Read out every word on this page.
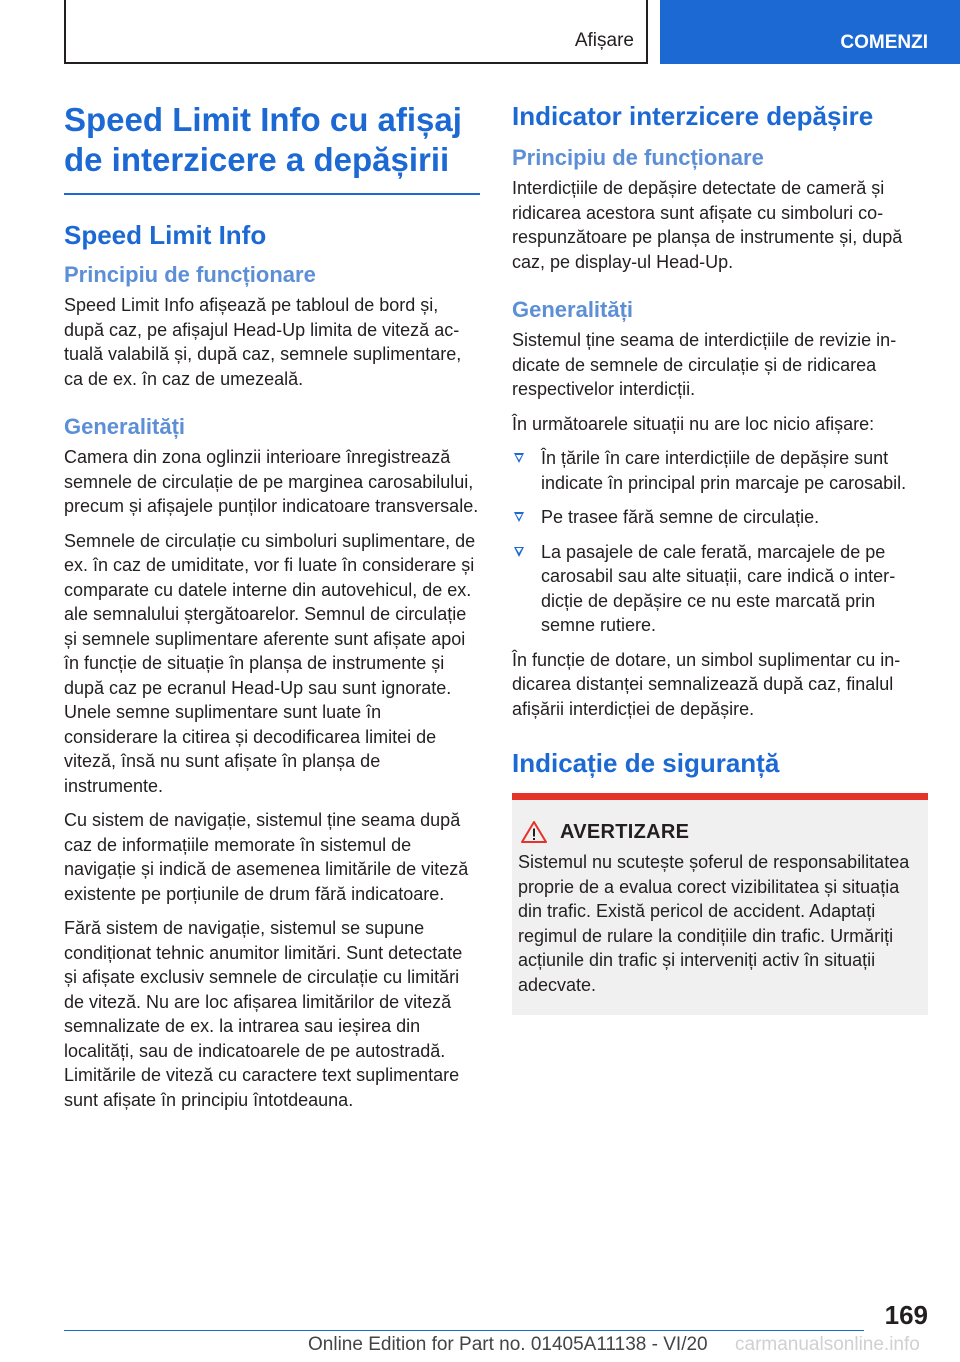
Afișare	COMENZI
Speed Limit Info cu afișaj de interzicere a depășirii
Speed Limit Info
Principiu de funcționare

Speed Limit Info afișează pe tabloul de bord și, după caz, pe afișajul Head-Up limita de viteză actuală valabilă și, după caz, semnele suplimentare, ca de ex. în caz de umezeală.

Generalități

Camera din zona oglinzii interioare înregistrează semnele de circulație de pe marginea carosabilului, precum și afișajele punților indicatoare transversale.

Semnele de circulație cu simboluri suplimentare, de ex. în caz de umiditate, vor fi luate în considerare și comparate cu datele interne din autovehicul, de ex. ale semnalului ștergătoarelor. Semnul de circulație și semnele suplimentare aferente sunt afișate apoi în funcție de situație în planșa de instrumente și după caz pe ecranul Head-Up sau sunt ignorate. Unele semne suplimentare sunt luate în considerare la citirea și decodificarea limitei de viteză, însă nu sunt afișate în planșa de instrumente.

Cu sistem de navigație, sistemul ține seama după caz de informațiile memorate în sistemul de navigație și indică de asemenea limitările de viteză existente pe porțiunile de drum fără indicatoare.

Fără sistem de navigație, sistemul se supune condiționat tehnic anumitor limitări. Sunt detectate și afișate exclusiv semnele de circulație cu limitări de viteză. Nu are loc afișarea limitărilor de viteză semnalizate de ex. la intrarea sau ieșirea din localități, sau de indicatoarele de pe autostradă. Limitările de viteză cu caractere text suplimentare sunt afișate în principiu întotdeauna.

Indicator interzicere depășire
Principiu de funcționare

Interdicțiile de depășire detectate de cameră și ridicarea acestora sunt afișate cu simboluri corespunzătoare pe planșa de instrumente și, după caz, pe display-ul Head-Up.

Generalități

Sistemul ține seama de interdicțiile de revizie indicate de semnele de circulație și de ridicarea respectivelor interdicții.

În următoarele situații nu are loc nicio afișare:

În țările în care interdicțiile de depășire sunt indicate în principal prin marcaje pe carosabil.
Pe trasee fără semne de circulație.
La pasajele de cale ferată, marcajele de pe carosabil sau alte situații, care indică o interdicție de depășire ce nu este marcată prin semne rutiere.

În funcție de dotare, un simbol suplimentar cu indicarea distanței semnalizează după caz, finalul afișării interdicției de depășire.

Indicație de siguranță
AVERTIZARE

Sistemul nu scutește șoferul de responsabilitatea proprie de a evalua corect vizibilitatea și situația din trafic. Există pericol de accident. Adaptați regimul de rulare la condițiile din trafic. Urmăriți acțiunile din trafic și interveniți activ în situații adecvate.

169
Online Edition for Part no. 01405A11138 - VI/20 carmanualsonline.info
